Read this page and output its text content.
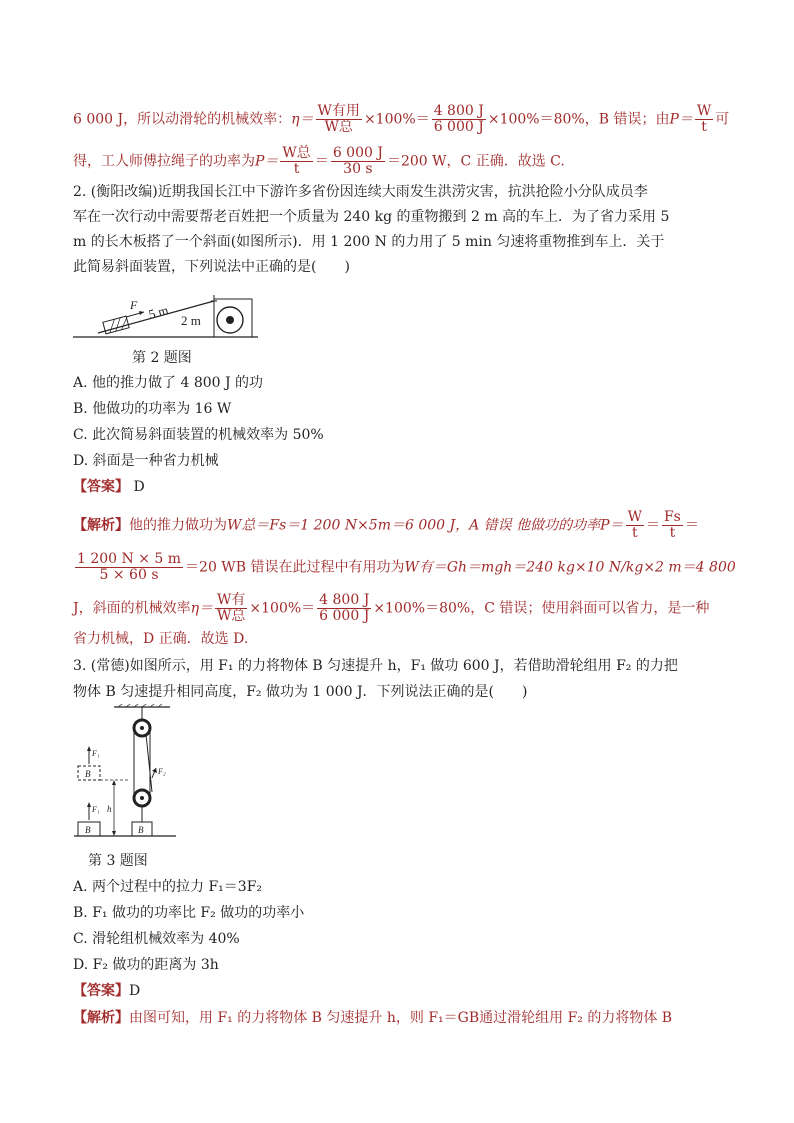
6 000 J，所以动滑轮的机械效率：$\eta= \frac{\text{W有用}}{\text{W总}} \times 100\%= \frac{4 800 J}{6 000 J} \times 100\%=80\%$，B 错误；由$P= \frac{W}{t}$ 可
得，工人师傅拉绳子的功率为$P= \frac{\text{W总}}{t} = \frac{6 000 J}{30 s} =200$ W，C 正确．故选 C.
2. (衡阳改编)近期我国长江中下游许多省份因连续大雨发生洪涝灾害，抗洪抢险小分队成员李
军在一次行动中需要帮老百姓把一个质量为 240 kg 的重物搬到 2 m 高的车上．为了省力采用 5
m 的长木板搭了一个斜面(如图所示)．用 1 200 N 的力用了 5 min 匀速将重物推到车上．关于
此简易斜面装置，下列说法中正确的是(　　)
F 5 m 2 m
第 2 题图
A. 他的推力做了 4 800 J 的功
B. 他做功的功率为 16 W
C. 此次简易斜面装置的机械效率为 50%
D. 斜面是一种省力机械
【答案】 D
【解析】他的推力做功为W总＝Fs＝1 200 N×5m＝6 000 J，A 错误 他做功的功率$P= \frac{W}{t} = \frac{Fs}{t}$ ＝
$\frac{1 200 N \times 5 m}{5 \times 60 s} =20$ WB 错误在此过程中有用功为W有＝Gh＝mgh＝240 kg×10 N/kg×2 m＝4 800
J，斜面的机械效率$\eta= \frac{\text{W有}}{\text{W总}} \times 100\%= \frac{4 800 J}{6 000 J} \times 100\%=80\%$，C 错误；使用斜面可以省力，是一种
省力机械，D 正确．故选 D.
3. (常德)如图所示，用 F₁ 的力将物体 B 匀速提升 h，F₁ 做功 600 J，若借助滑轮组用 F₂ 的力把
物体 B 匀速提升相同高度，F₂ 做功为 1 000 J．下列说法正确的是(　　)
F₂
B
B
B
F₁
F₁
h
第 3 题图
A. 两个过程中的拉力 F₁＝3F₂
B. F₁ 做功的功率比 F₂ 做功的功率小
C. 滑轮组机械效率为 40%
D. F₂ 做功的距离为 3h
【答案】D
【解析】由图可知，用 F₁ 的力将物体 B 匀速提升 h，则 F₁＝GB通过滑轮组用 F₂ 的力将物体 B
